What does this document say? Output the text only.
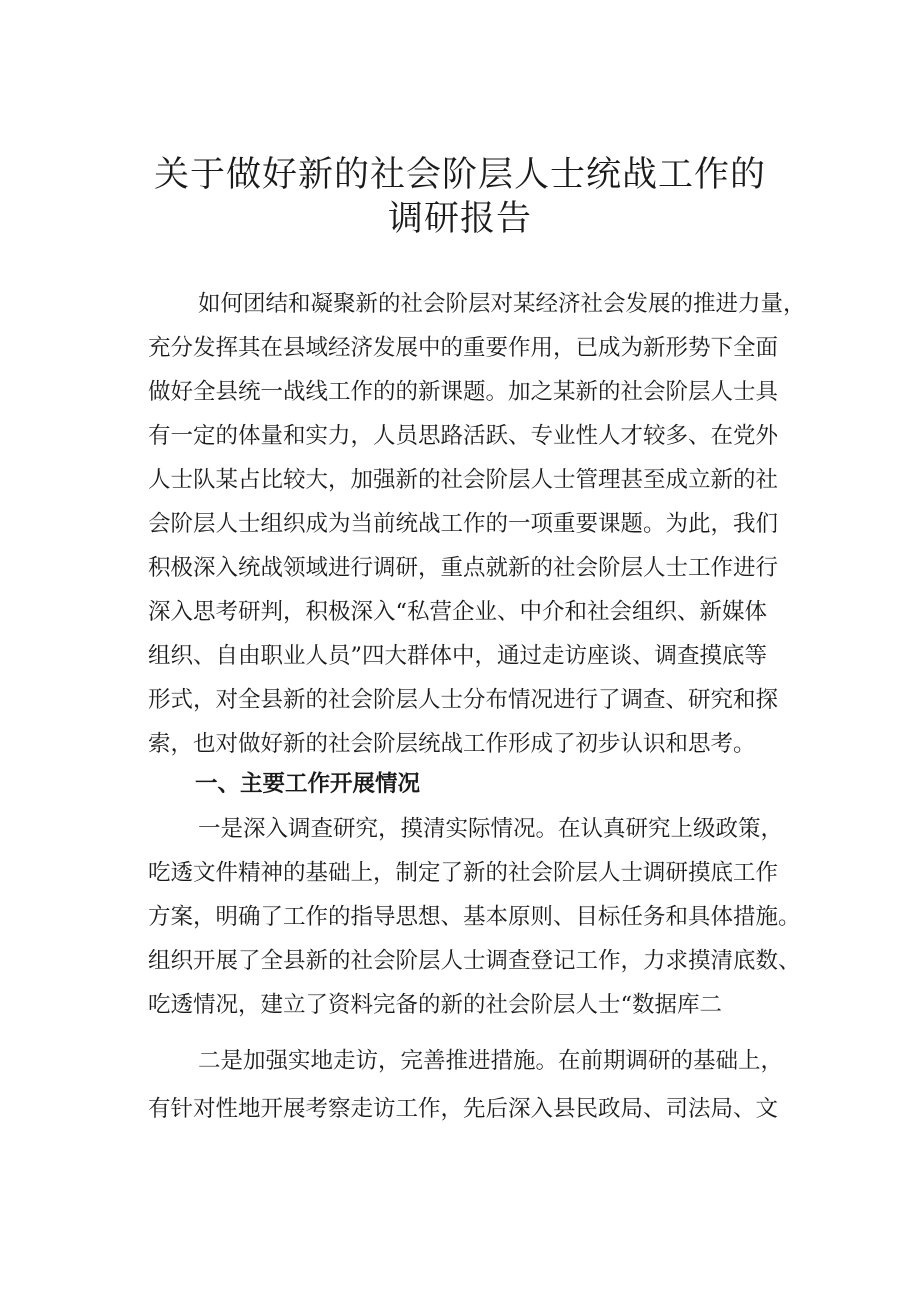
关于做好新的社会阶层人士统战工作的
调研报告

如何团结和凝聚新的社会阶层对某经济社会发展的推进力量，

充分发挥其在县域经济发展中的重要作用，已成为新形势下全面

做好全县统一战线工作的的新课题。加之某新的社会阶层人士具

有一定的体量和实力，人员思路活跃、专业性人才较多、在党外

人士队某占比较大，加强新的社会阶层人士管理甚至成立新的社

会阶层人士组织成为当前统战工作的一项重要课题。为此，我们

积极深入统战领域进行调研，重点就新的社会阶层人士工作进行

深入思考研判，积极深入“私营企业、中介和社会组织、新媒体

组织、自由职业人员”四大群体中，通过走访座谈、调查摸底等

形式，对全县新的社会阶层人士分布情况进行了调查、研究和探

索，也对做好新的社会阶层统战工作形成了初步认识和思考。

一、主要工作开展情况

一是深入调查研究，摸清实际情况。在认真研究上级政策，

吃透文件精神的基础上，制定了新的社会阶层人士调研摸底工作

方案，明确了工作的指导思想、基本原则、目标任务和具体措施。

组织开展了全县新的社会阶层人士调查登记工作，力求摸清底数、

吃透情况，建立了资料完备的新的社会阶层人士“数据库二

二是加强实地走访，完善推进措施。在前期调研的基础上，

有针对性地开展考察走访工作，先后深入县民政局、司法局、文
